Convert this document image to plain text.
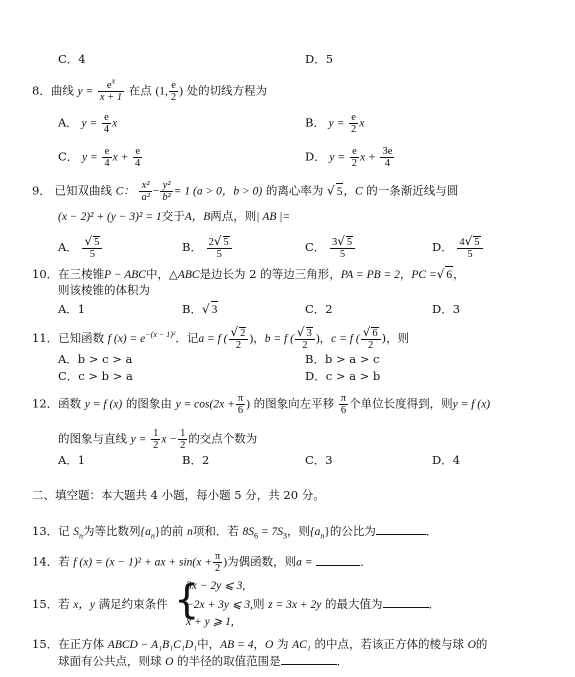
C．4	D．5
8．曲线 $y = \frac{e^x}{x + 1}$ 在点 (1, $\frac{e}{2}$ ) 处的切线方程为
A． $y = \frac{e}{4}$ x	B． $y = \frac{e}{2}$ x
C． $y = \frac{e}{4}$ $x + \frac{e}{4}$	D． $y = \frac{e}{2}$ $x + \frac{3e}{4}$
9． 已知双曲线 C： $\frac{\text{x²}}{\text{a²}} - \frac{\text{y²}}{\text{b²}} = 1$ (a > 0，b > 0) 的离心率为 √ 5，C 的一条渐近线与圆
(x − 2)² + (y − 3)² = 1交于A，B两点，则| AB |=
A． $\frac{√ 5}{5}$	B． $\frac{2√ 5}{5}$	C． $\frac{3√ 5}{5}$	D． $\frac{4√ 5}{5}$
10．在三棱锥P − ABC中，△ABC是边长为 2 的等边三角形，PA = PB = 2，PC =√ 6，
则该棱锥的体积为
A．1	B．√ 3	C．2	D．3
11．已知函数 f $(x) = e^{-(x - 1)^2}$．记a = f ( $\frac{√ 2}{2}$ )，b = f ( $\frac{√ 3}{2}$ )，c = f ( $\frac{√ 6}{2}$ )，则
A．b > c > a	B．b > a > c
C．c > b > a	D．c > a > b
12．函数 y = f (x) 的图象由 $y = \cos(2x + \frac{\pi}{6}$ ) 的图象向左平移 $\frac{\pi}{6}$ 个单位长度得到，则y = f (x)
的图象与直线 $y = \frac{1}{2}$ $x - \frac{1}{2}$ 的交点个数为
A．1	B．2	C．3	D．4
二、填空题：本大题共 4 小题，每小题 5 分，共 20 分。
13．记 $S_n$为等比数列$\{a_n\}$的前 n项和．若 $8S_6 = 7S_3$，则$\{a_n\}$的公比为	．
14．若 f (x) = (x − 1)² + ax + $\sin(x + \frac{\pi}{2}$ )为偶函数，则a =	．
15．若 x，y 满足约束条件 {
3x − 2y ⩽ 3,
−2x + 3y ⩽ 3,则 z = 3x + 2y 的最大值为	．
x + y ⩾ 1,
15．在正方体 ABCD − A₁B₁C₁D₁中，AB = 4，O 为 AC₁ 的中点，若该正方体的棱与球 O的
球面有公共点，则球 O 的半径的取值范围是	．
